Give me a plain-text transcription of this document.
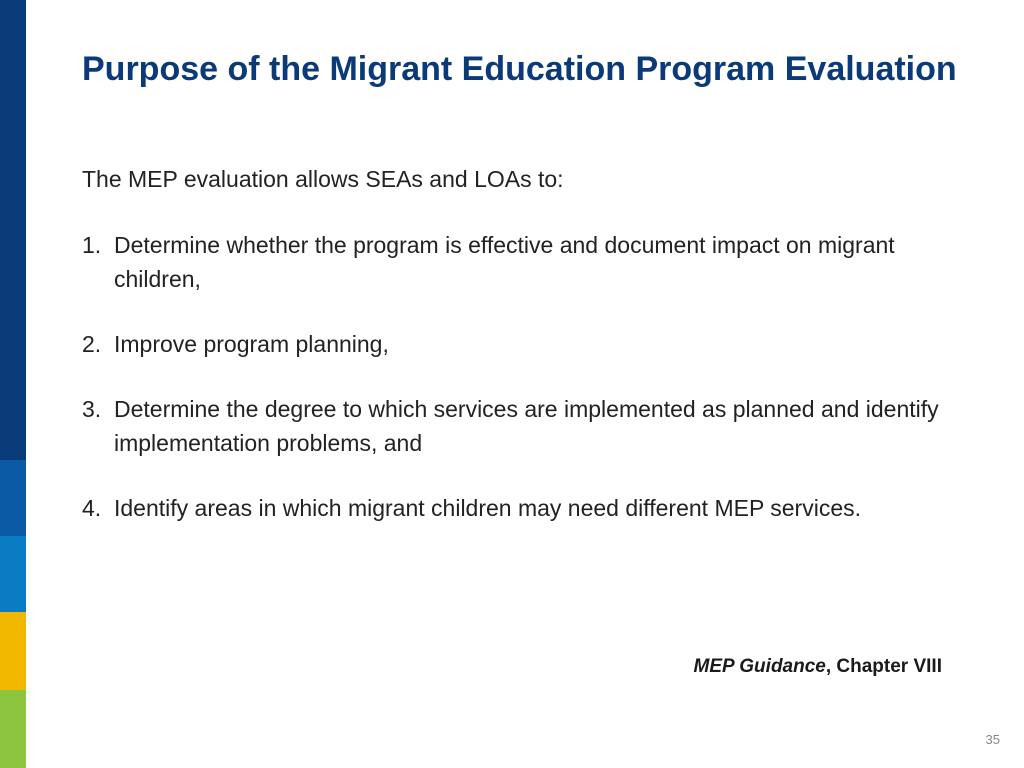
Purpose of the Migrant Education Program Evaluation

The MEP evaluation allows SEAs and LOAs to:

1. Determine whether the program is effective and document impact on migrant children,
2. Improve program planning,
3. Determine the degree to which services are implemented as planned and identify implementation problems, and
4. Identify areas in which migrant children may need different MEP services.

MEP Guidance, Chapter VIII

35
